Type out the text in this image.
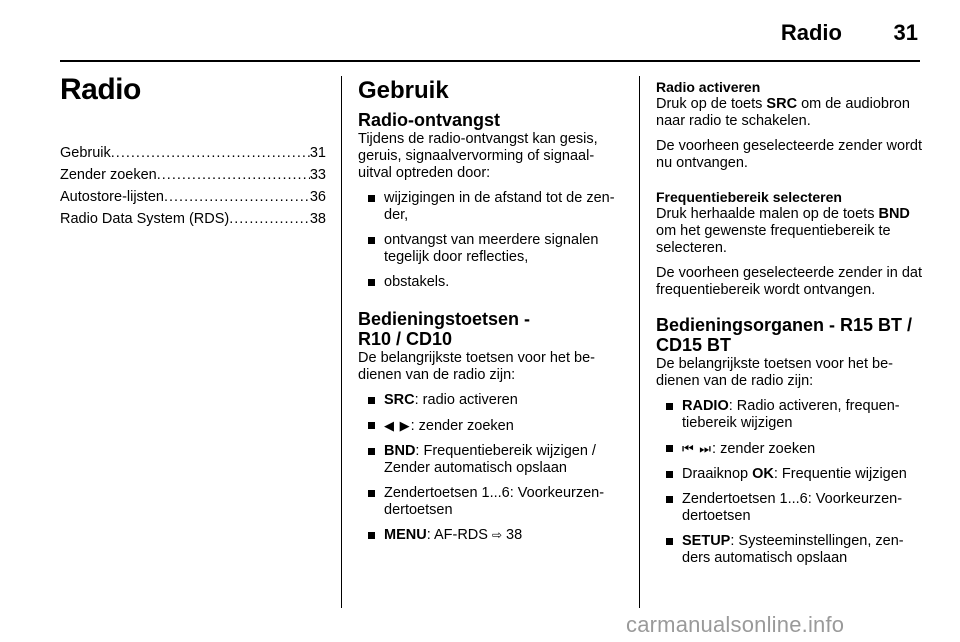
Radio 31
Radio
Gebruik .....	31
Zender zoeken .....	33
Autostore-lijsten .....	36
Radio Data System (RDS) .....	38
Gebruik
Radio-ontvangst
Tijdens de radio-ontvangst kan gesis, geruis, signaalvervorming of signaaluitval optreden door:
wijzigingen in de afstand tot de zender,
ontvangst van meerdere signalen tegelijk door reflecties,
obstakels.
Bedieningstoetsen -
R10 / CD10
De belangrijkste toetsen voor het bedienen van de radio zijn:
SRC: radio activeren
◀ ▶: zender zoeken
BND: Frequentiebereik wijzigen / Zender automatisch opslaan
Zendertoetsen 1...6: Voorkeurzendertoetsen
MENU: AF-RDS ⇨ 38
Radio activeren
Druk op de toets SRC om de audiobron naar radio te schakelen.
De voorheen geselecteerde zender wordt nu ontvangen.
Frequentiebereik selecteren
Druk herhaalde malen op de toets BND om het gewenste frequentiebereik te selecteren.
De voorheen geselecteerde zender in dat frequentiebereik wordt ontvangen.
Bedieningsorganen - R15 BT /
CD15 BT
De belangrijkste toetsen voor het bedienen van de radio zijn:
RADIO: Radio activeren, frequentiebereik wijzigen
⏮ ⏭: zender zoeken
Draaiknop OK: Frequentie wijzigen
Zendertoetsen 1...6: Voorkeurzendertoetsen
SETUP: Systeeminstellingen, zenders automatisch opslaan
carmanualsonline.info
